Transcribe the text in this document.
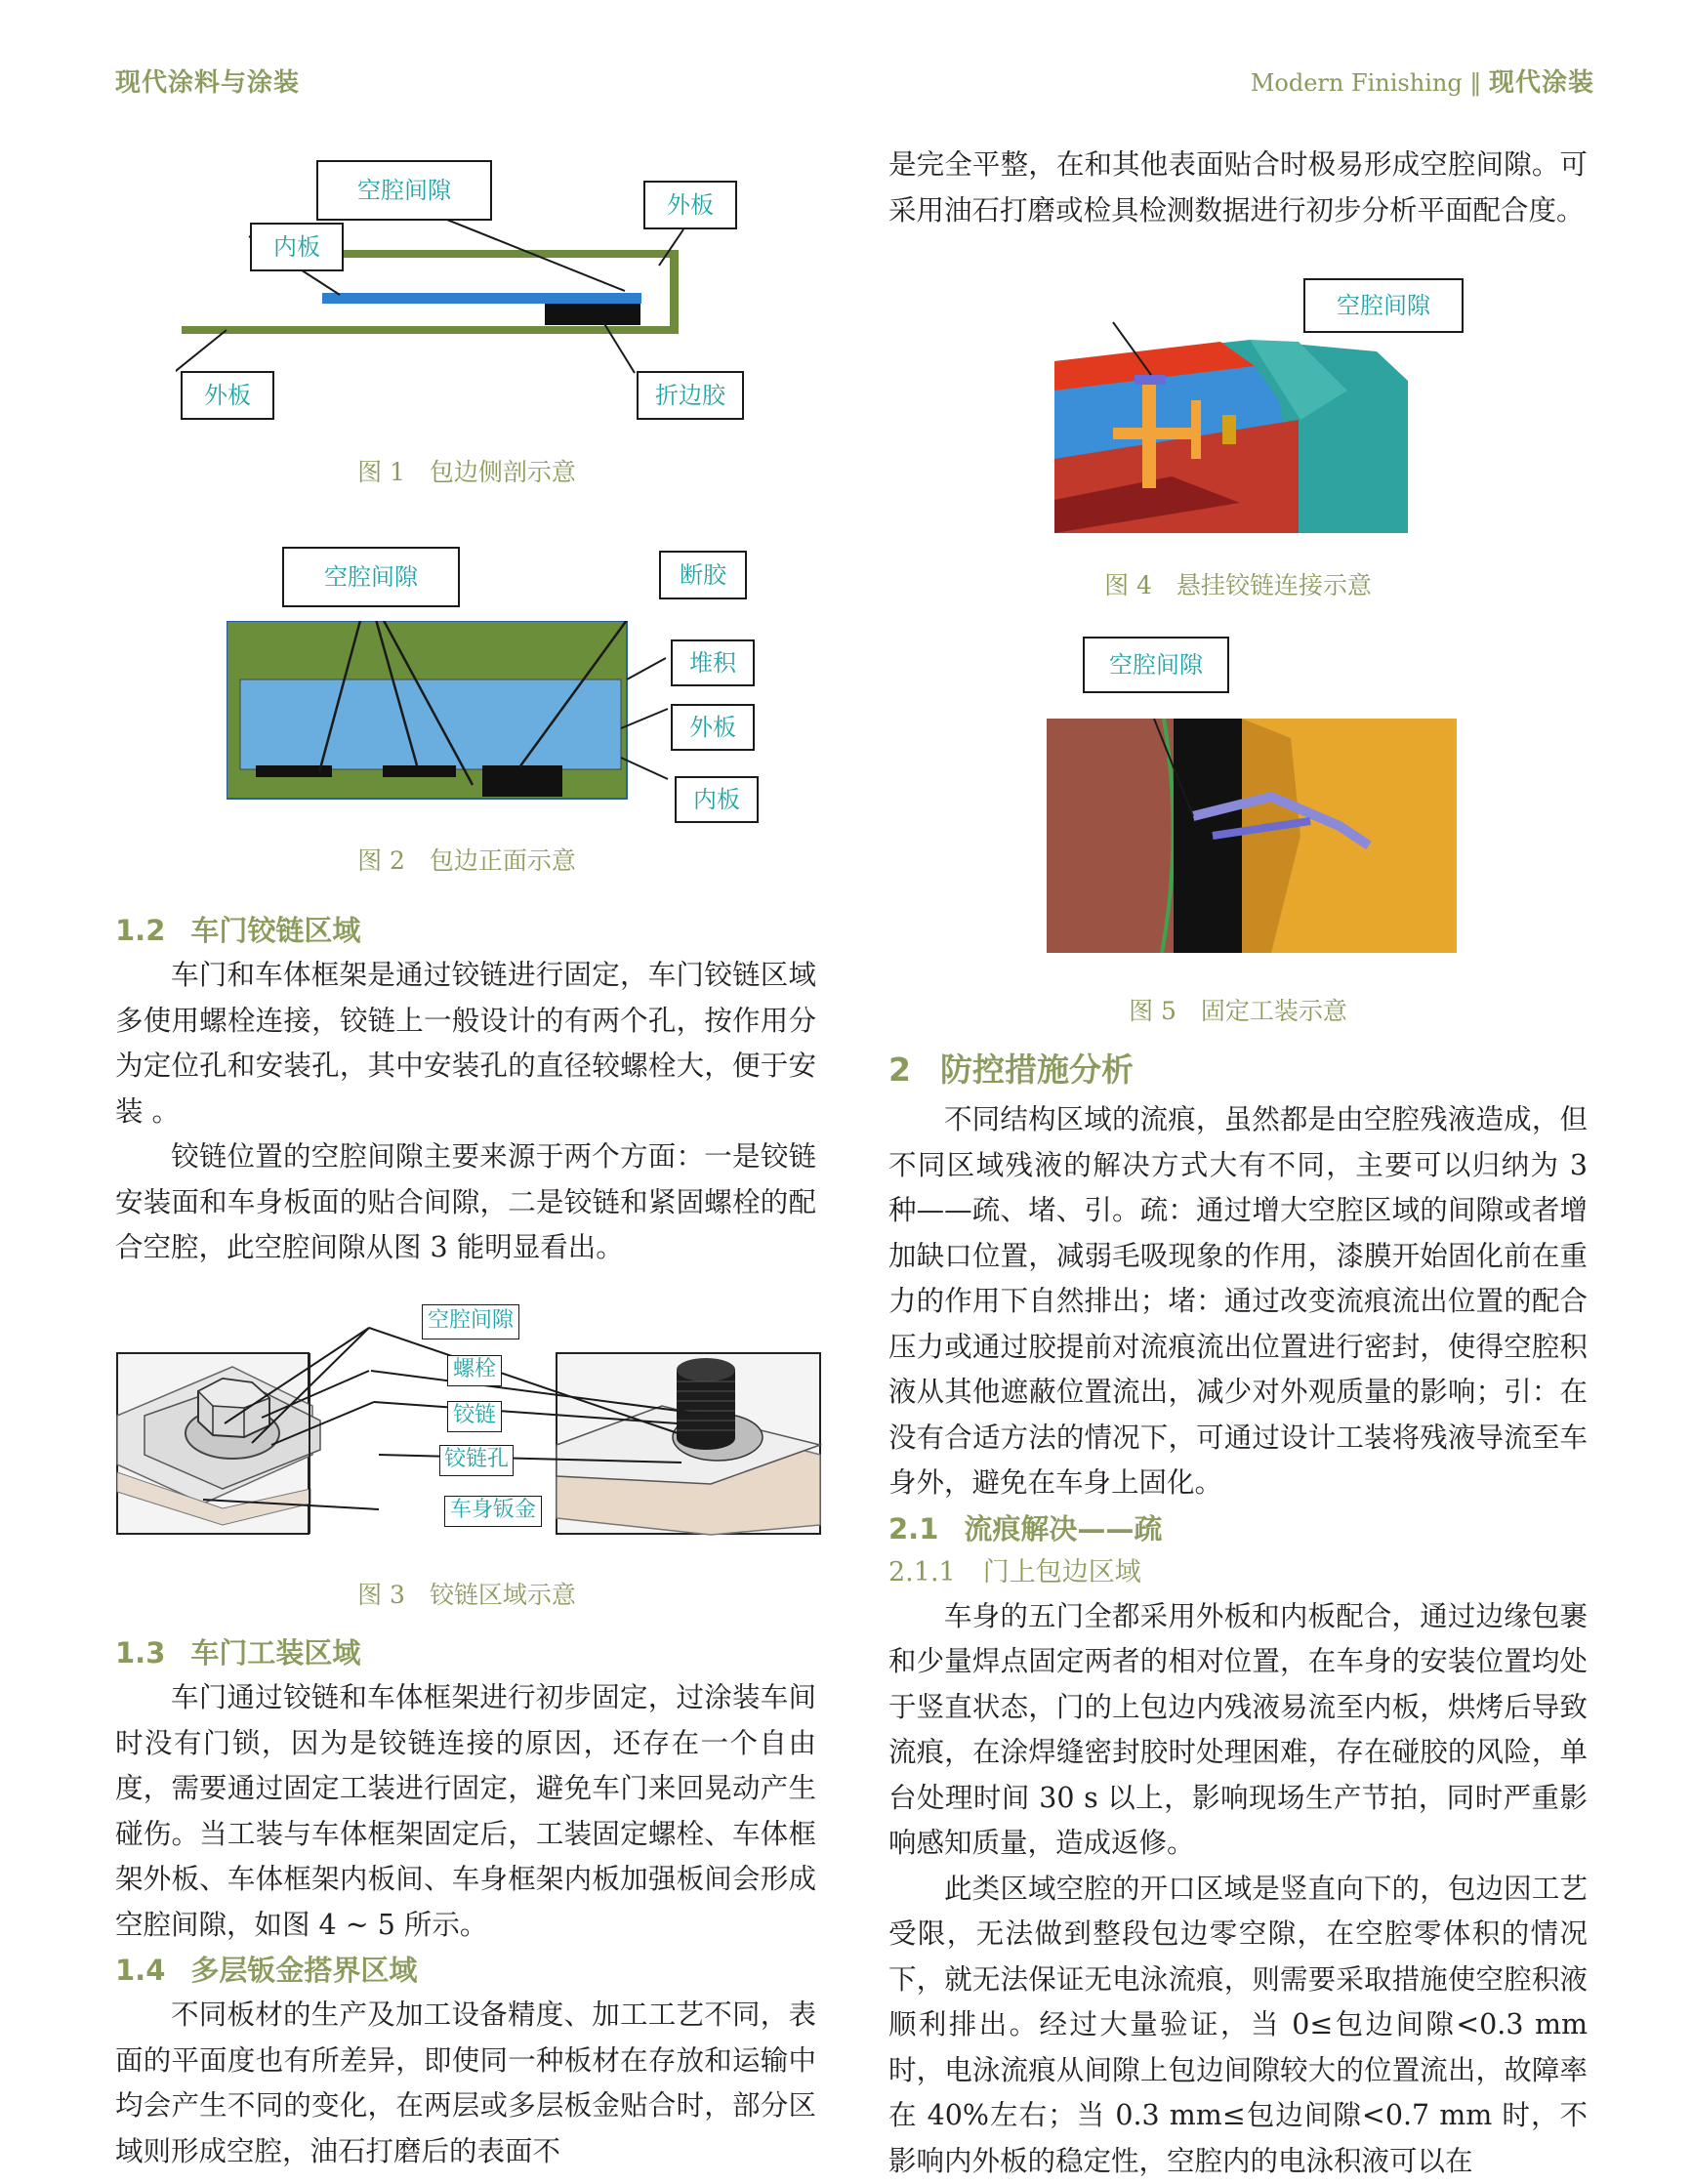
现代涂料与涂装	Modern Finishing ‖ 现代涂装
空腔间隙
外板
内板
外板	折边胶
图 1　包边侧剖示意
空腔间隙	断胶
堆积
外板
内板
图 2　包边正面示意

1.2 车门铰链区域

车门和车体框架是通过铰链进行固定，车门铰链区域多使用螺栓连接，铰链上一般设计的有两个孔，按作用分为定位孔和安装孔，其中安装孔的直径较螺栓大，便于安装 。

铰链位置的空腔间隙主要来源于两个方面：一是铰链安装面和车身板面的贴合间隙，二是铰链和紧固螺栓的配合空腔，此空腔间隙从图 3 能明显看出。

空腔间隙
螺栓
铰链
铰链孔
车身钣金
图 3　铰链区域示意

1.3 车门工装区域

车门通过铰链和车体框架进行初步固定，过涂装车间时没有门锁，因为是铰链连接的原因，还存在一个自由度，需要通过固定工装进行固定，避免车门来回晃动产生碰伤。当工装与车体框架固定后，工装固定螺栓、车体框架外板、车体框架内板间、车身框架内板加强板间会形成空腔间隙，如图 4 ~ 5 所示。

1.4 多层钣金搭界区域

不同板材的生产及加工设备精度、加工工艺不同，表面的平面度也有所差异，即使同一种板材在存放和运输中均会产生不同的变化，在两层或多层板金贴合时，部分区域则形成空腔，油石打磨后的表面不

是完全平整，在和其他表面贴合时极易形成空腔间隙。可采用油石打磨或检具检测数据进行初步分析平面配合度。

空腔间隙
图 4　悬挂铰链连接示意
空腔间隙
图 5　固定工装示意

2 防控措施分析

不同结构区域的流痕，虽然都是由空腔残液造成，但不同区域残液的解决方式大有不同，主要可以归纳为 3 种——疏、堵、引。疏：通过增大空腔区域的间隙或者增加缺口位置，减弱毛吸现象的作用，漆膜开始固化前在重力的作用下自然排出；堵：通过改变流痕流出位置的配合压力或通过胶提前对流痕流出位置进行密封，使得空腔积液从其他遮蔽位置流出，减少对外观质量的影响；引：在没有合适方法的情况下，可通过设计工装将残液导流至车身外，避免在车身上固化。

2.1 流痕解决——疏

2.1.1 门上包边区域

车身的五门全都采用外板和内板配合，通过边缘包裹和少量焊点固定两者的相对位置，在车身的安装位置均处于竖直状态，门的上包边内残液易流至内板，烘烤后导致流痕，在涂焊缝密封胶时处理困难，存在碰胶的风险，单台处理时间 30 s 以上，影响现场生产节拍，同时严重影响感知质量，造成返修。

此类区域空腔的开口区域是竖直向下的，包边因工艺受限，无法做到整段包边零空隙，在空腔零体积的情况下，就无法保证无电泳流痕，则需要采取措施使空腔积液顺利排出。经过大量验证，当 0≤包边间隙<0.3 mm 时，电泳流痕从间隙上包边间隙较大的位置流出，故障率在 40%左右；当 0.3 mm≤包边间隙<0.7 mm 时，不影响内外板的稳定性，空腔内的电泳积液可以在
